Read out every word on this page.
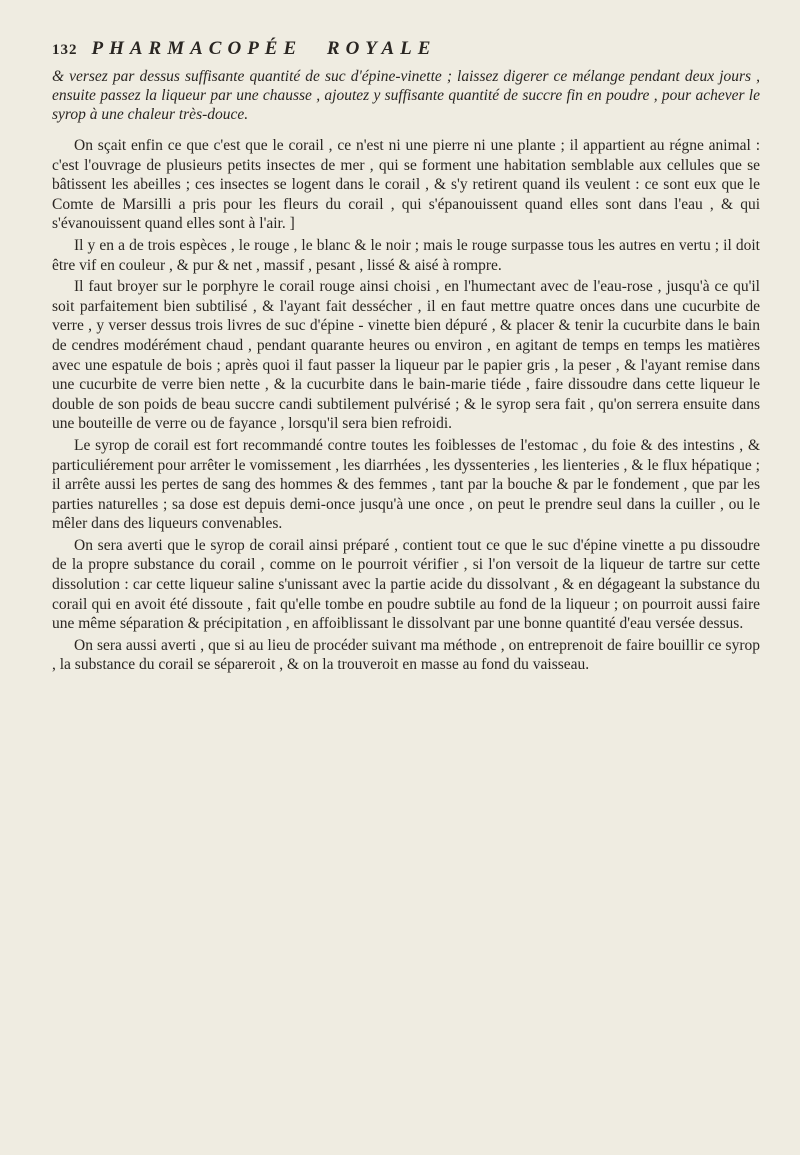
132 PHARMACOPÉE ROYALE

& versez par dessus suffisante quantité de suc d'épine-vinette ; laissez digerer ce mélange pendant deux jours , ensuite passez la liqueur par une chausse , ajoutez y suffisante quantité de succre fin en poudre , pour achever le syrop à une chaleur très-douce.

On sçait enfin ce que c'est que le corail , ce n'est ni une pierre ni une plante ; il appartient au régne animal : c'est l'ouvrage de plusieurs petits insectes de mer , qui se forment une habitation semblable aux cellules que se bâtissent les abeilles ; ces insectes se logent dans le corail , & s'y retirent quand ils veulent : ce sont eux que le Comte de Marsilli a pris pour les fleurs du corail , qui s'épanouissent quand elles sont dans l'eau , & qui s'évanouissent quand elles sont à l'air. ]

Il y en a de trois espèces , le rouge , le blanc & le noir ; mais le rouge surpasse tous les autres en vertu ; il doit être vif en couleur , & pur & net , massif , pesant , lissé & aisé à rompre.

Il faut broyer sur le porphyre le corail rouge ainsi choisi , en l'humectant avec de l'eau-rose , jusqu'à ce qu'il soit parfaitement bien subtilisé , & l'ayant fait dessécher , il en faut mettre quatre onces dans une cucurbite de verre , y verser dessus trois livres de suc d'épine - vinette bien dépuré , & placer & tenir la cucurbite dans le bain de cendres modérément chaud , pendant quarante heures ou environ , en agitant de temps en temps les matières avec une espatule de bois ; après quoi il faut passer la liqueur par le papier gris , la peser , & l'ayant remise dans une cucurbite de verre bien nette , & la cucurbite dans le bain-marie tiéde , faire dissoudre dans cette liqueur le double de son poids de beau succre candi subtilement pulvérisé ; & le syrop sera fait , qu'on serrera ensuite dans une bouteille de verre ou de fayance , lorsqu'il sera bien refroidi.

Le syrop de corail est fort recommandé contre toutes les foiblesses de l'estomac , du foie & des intestins , & particuliérement pour arrêter le vomissement , les diarrhées , les dyssenteries , les lienteries , & le flux hépatique ; il arrête aussi les pertes de sang des hommes & des femmes , tant par la bouche & par le fondement , que par les parties naturelles ; sa dose est depuis demi-once jusqu'à une once , on peut le prendre seul dans la cuiller , ou le mêler dans des liqueurs convenables.

On sera averti que le syrop de corail ainsi préparé , contient tout ce que le suc d'épine vinette a pu dissoudre de la propre substance du corail , comme on le pourroit vérifier , si l'on versoit de la liqueur de tartre sur cette dissolution : car cette liqueur saline s'unissant avec la partie acide du dissolvant , & en dégageant la substance du corail qui en avoit été dissoute , fait qu'elle tombe en poudre subtile au fond de la liqueur ; on pourroit aussi faire une même séparation & précipitation , en affoiblissant le dissolvant par une bonne quantité d'eau versée dessus.

On sera aussi averti , que si au lieu de procéder suivant ma méthode , on entreprenoit de faire bouillir ce syrop , la substance du corail se sépareroit , & on la trouveroit en masse au fond du vaisseau.
